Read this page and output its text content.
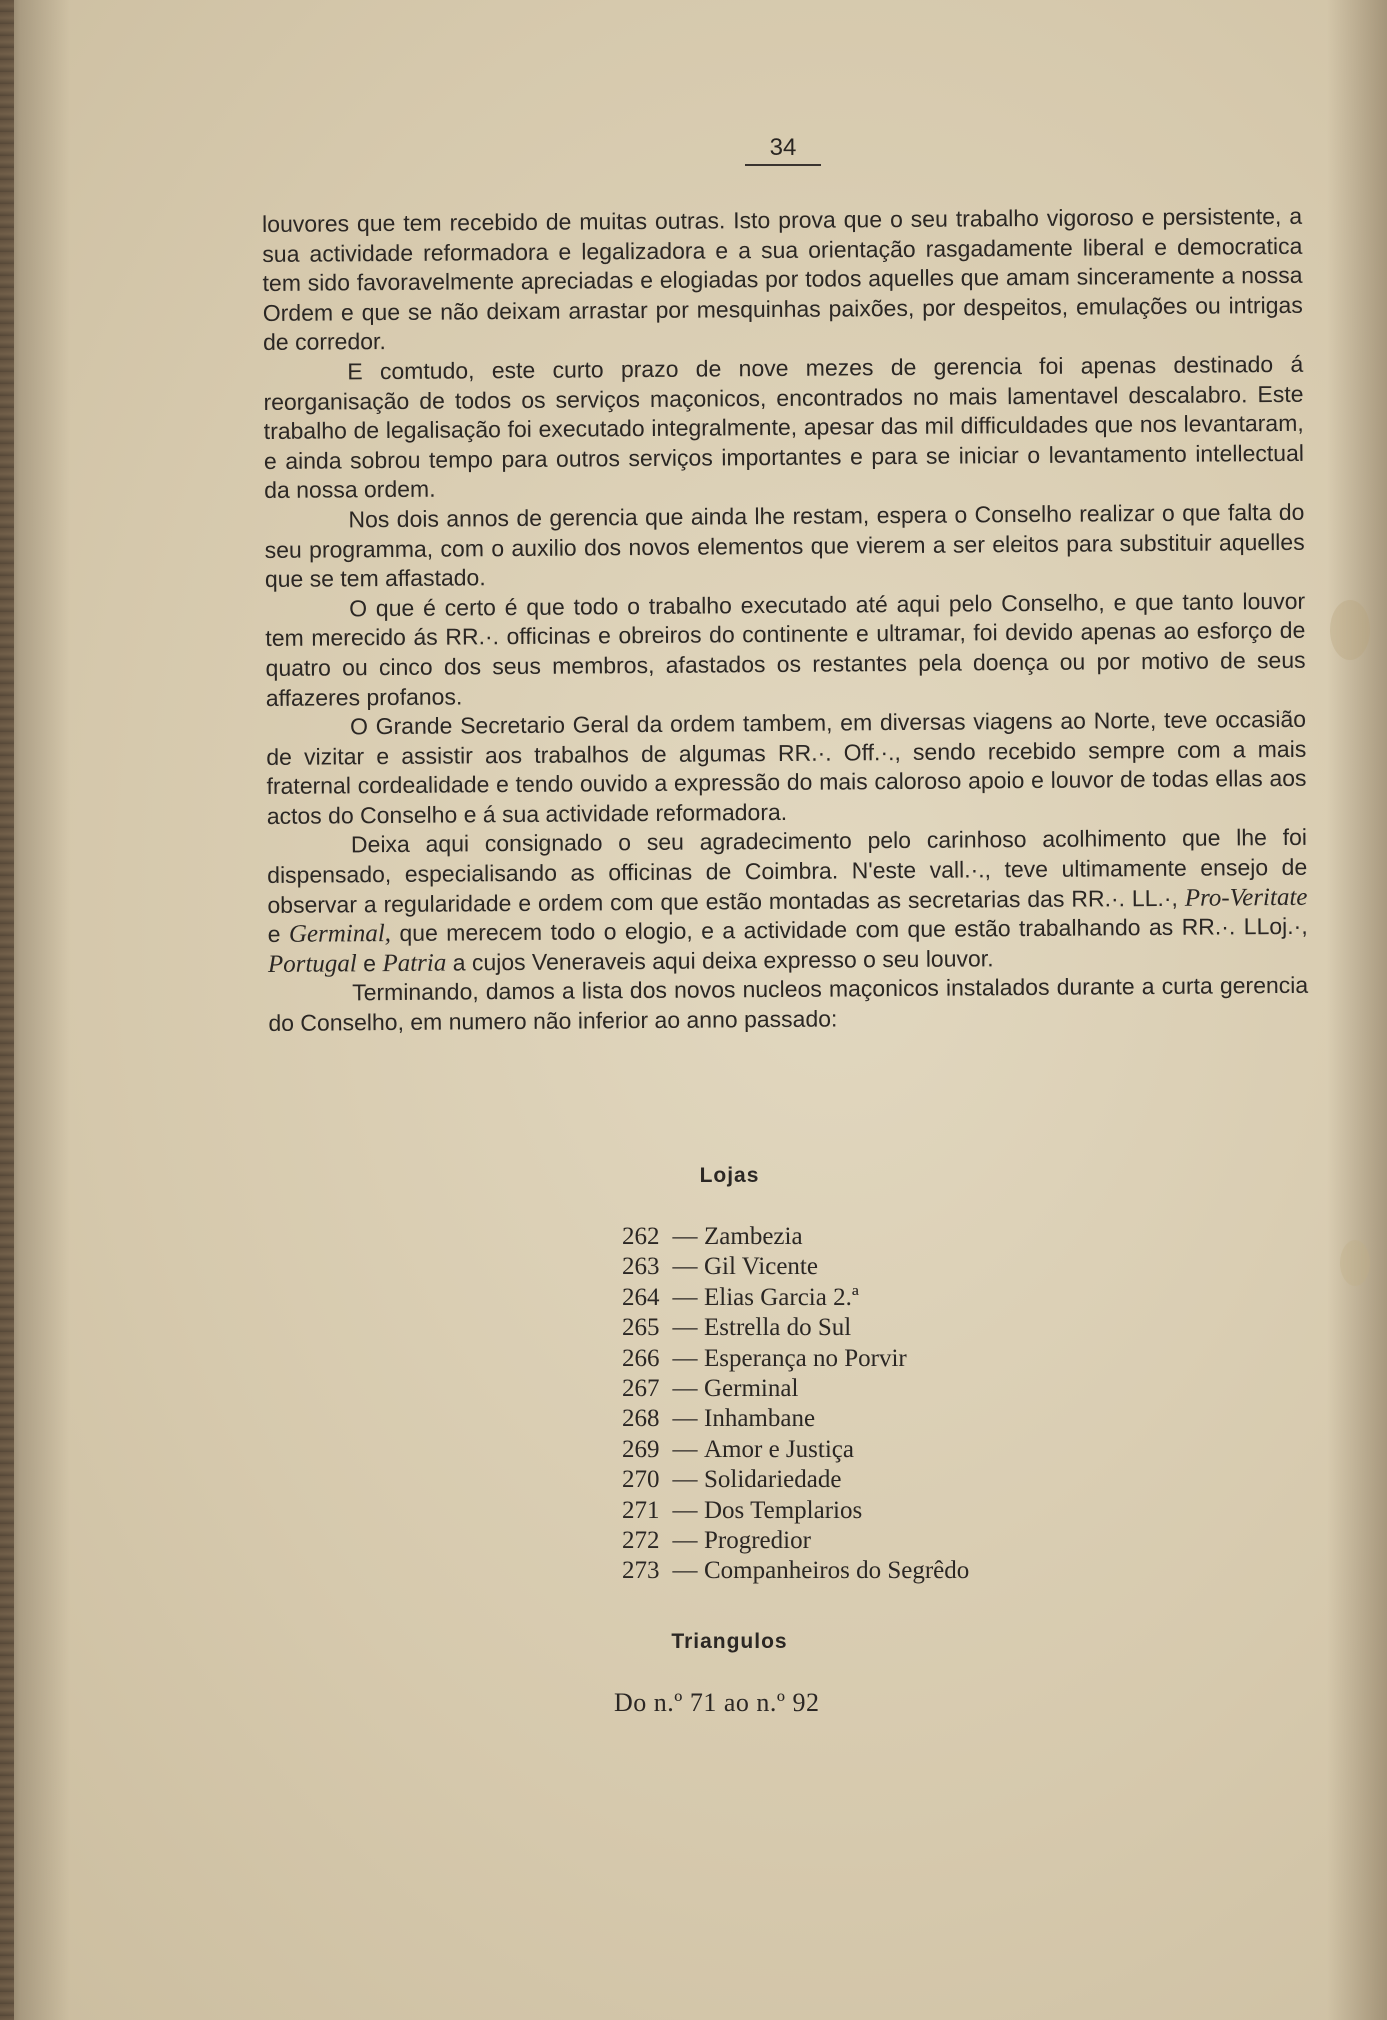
34

louvores que tem recebido de muitas outras. Isto prova que o seu trabalho vigoroso e persistente, a sua actividade reformadora e legalizadora e a sua orientação rasgadamente liberal e democratica tem sido favoravelmente apreciadas e elogiadas por todos aquelles que amam sinceramente a nossa Ordem e que se não deixam arrastar por mesquinhas paixões, por despeitos, emulações ou intrigas de corredor.

E comtudo, este curto prazo de nove mezes de gerencia foi apenas destinado á reorganisação de todos os serviços maçonicos, encontrados no mais lamentavel descalabro. Este trabalho de legalisação foi executado integralmente, apesar das mil difficuldades que nos levantaram, e ainda sobrou tempo para outros serviços importantes e para se iniciar o levantamento intellectual da nossa ordem.

Nos dois annos de gerencia que ainda lhe restam, espera o Conselho realizar o que falta do seu programma, com o auxilio dos novos elementos que vierem a ser eleitos para substituir aquelles que se tem affastado.

O que é certo é que todo o trabalho executado até aqui pelo Conselho, e que tanto louvor tem merecido ás RR.·. officinas e obreiros do continente e ultramar, foi devido apenas ao esforço de quatro ou cinco dos seus membros, afastados os restantes pela doença ou por motivo de seus affazeres profanos.

O Grande Secretario Geral da ordem tambem, em diversas viagens ao Norte, teve occasião de vizitar e assistir aos trabalhos de algumas RR.·. Off.·., sendo recebido sempre com a mais fraternal cordealidade e tendo ouvido a expressão do mais caloroso apoio e louvor de todas ellas aos actos do Conselho e á sua actividade reformadora.

Deixa aqui consignado o seu agradecimento pelo carinhoso acolhimento que lhe foi dispensado, especialisando as officinas de Coimbra. N'este vall.·., teve ultimamente ensejo de observar a regularidade e ordem com que estão montadas as secretarias das RR.·. LL.·, Pro-Veritate e Germinal, que merecem todo o elogio, e a actividade com que estão trabalhando as RR.·. LLoj.·, Portugal e Patria a cujos Veneraveis aqui deixa expresso o seu louvor.

Terminando, damos a lista dos novos nucleos maçonicos instalados durante a curta gerencia do Conselho, em numero não inferior ao anno passado:

Lojas
262 — Zambezia
263 — Gil Vicente
264 — Elias Garcia 2.ª
265 — Estrella do Sul
266 — Esperança no Porvir
267 — Germinal
268 — Inhambane
269 — Amor e Justiça
270 — Solidariedade
271 — Dos Templarios
272 — Progredior
273 — Companheiros do Segrêdo
Triangulos
Do n.º 71 ao n.º 92
